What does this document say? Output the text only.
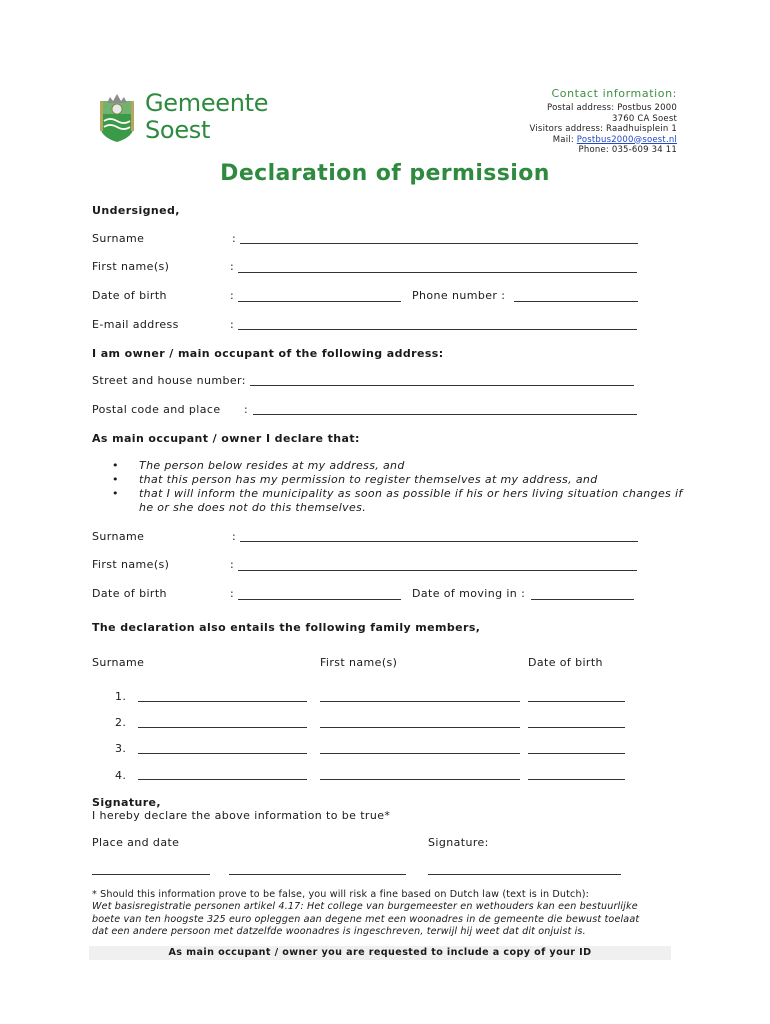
Gemeente
Soest
Contact information:
Postal address: Postbus 2000
3760 CA Soest
Visitors address: Raadhuisplein 1
Mail: Postbus2000@soest.nl
Phone: 035-609 34 11
Declaration of permission
Undersigned,
Surname	:
First name(s)	:
Date of birth	:	Phone number :
E-mail address	:
I am owner / main occupant of the following address:
Street and house number:
Postal code and place :
As main occupant / owner I declare that:
• The person below resides at my address, and
• that this person has my permission to register themselves at my address, and
• that I will inform the municipality as soon as possible if his or hers living situation changes if he or she does not do this themselves.
Surname	:
First name(s)	:
Date of birth	:	Date of moving in :
The declaration also entails the following family members,
Surname	First name(s)	Date of birth
1.
2.
3.
4.
Signature,
I hereby declare the above information to be true*
Place and date	Signature:
* Should this information prove to be false, you will risk a fine based on Dutch law (text is in Dutch):
Wet basisregistratie personen artikel 4.17: Het college van burgemeester en wethouders kan een bestuurlijke boete van ten hoogste 325 euro opleggen aan degene met een woonadres in de gemeente die bewust toelaat dat een andere persoon met datzelfde woonadres is ingeschreven, terwijl hij weet dat dit onjuist is.
As main occupant / owner you are requested to include a copy of your ID
